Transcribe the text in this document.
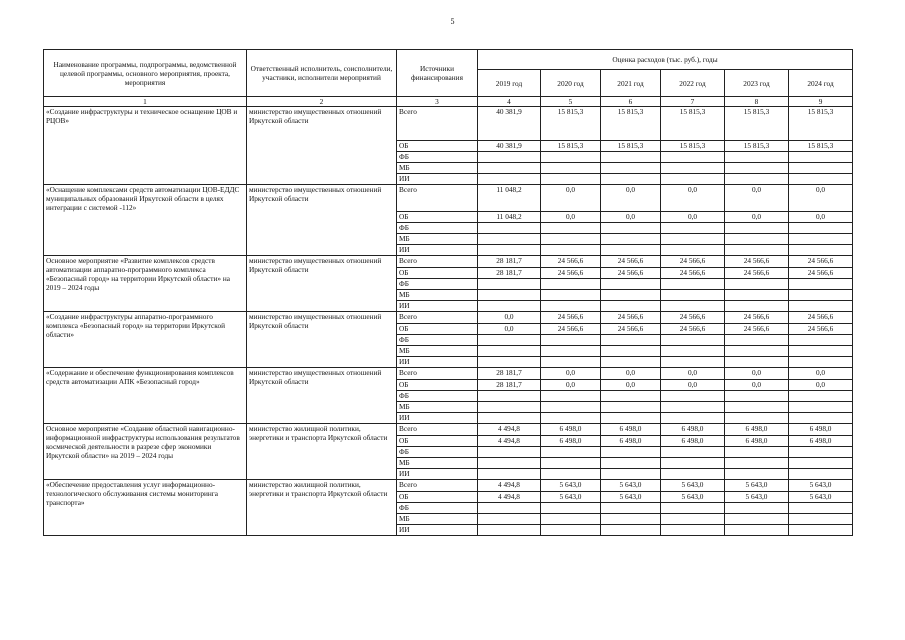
5
Наименование программы, подпрограммы, ведомственной целевой программы, основного мероприятия, проекта, мероприятия	Ответственный исполнитель, соисполнители, участники, исполнители мероприятий	Источники финансирования	Оценка расходов (тыс. руб.), годы					
			2019 год	2020 год	2021 год	2022 год	2023 год	2024 год
1	2	3	4	5	6	7	8	9
«Создание инфраструктуры и техническое оснащение ЦОВ и РЦОВ»	министерство имущественных отношений Иркутской области	Всего	40 381,9	15 815,3	15 815,3	15 815,3	15 815,3	15 815,3
		ОБ	40 381,9	15 815,3	15 815,3	15 815,3	15 815,3	15 815,3
		ФБ						
		МБ						
		ИИ						
«Оснащение комплексами средств автоматизации ЦОВ-ЕДДС муниципальных образований Иркутской области в целях интеграции с системой -112»	министерство имущественных отношений Иркутской области	Всего	11 048,2	0,0	0,0	0,0	0,0	0,0
		ОБ	11 048,2	0,0	0,0	0,0	0,0	0,0
		ФБ						
		МБ						
		ИИ						
Основное мероприятие «Развитие комплексов средств автоматизации аппаратно-программного комплекса «Безопасный город» на территории Иркутской области» на 2019 – 2024 годы	министерство имущественных отношений Иркутской области	Всего	28 181,7	24 566,6	24 566,6	24 566,6	24 566,6	24 566,6
		ОБ	28 181,7	24 566,6	24 566,6	24 566,6	24 566,6	24 566,6
		ФБ						
		МБ						
		ИИ						
«Создание инфраструктуры аппаратно-программного комплекса «Безопасный город» на территории Иркутской области»	министерство имущественных отношений Иркутской области	Всего	0,0	24 566,6	24 566,6	24 566,6	24 566,6	24 566,6
		ОБ	0,0	24 566,6	24 566,6	24 566,6	24 566,6	24 566,6
		ФБ						
		МБ						
		ИИ						
«Содержание и обеспечение функционирования комплексов средств автоматизации АПК «Безопасный город»	министерство имущественных отношений Иркутской области	Всего	28 181,7	0,0	0,0	0,0	0,0	0,0
		ОБ	28 181,7	0,0	0,0	0,0	0,0	0,0
		ФБ						
		МБ						
		ИИ						
Основное мероприятие «Создание областной навигационно-информационной инфраструктуры использования результатов космической деятельности в разрезе сфер экономики Иркутской области» на 2019 – 2024 годы	министерство жилищной политики, энергетики и транспорта Иркутской области	Всего	4 494,8	6 498,0	6 498,0	6 498,0	6 498,0	6 498,0
		ОБ	4 494,8	6 498,0	6 498,0	6 498,0	6 498,0	6 498,0
		ФБ						
		МБ						
		ИИ						
«Обеспечение предоставления услуг информационно-технологического обслуживания системы мониторинга транспорта»	министерство жилищной политики, энергетики и транспорта Иркутской области	Всего	4 494,8	5 643,0	5 643,0	5 643,0	5 643,0	5 643,0
		ОБ	4 494,8	5 643,0	5 643,0	5 643,0	5 643,0	5 643,0
		ФБ						
		МБ						
		ИИ						
